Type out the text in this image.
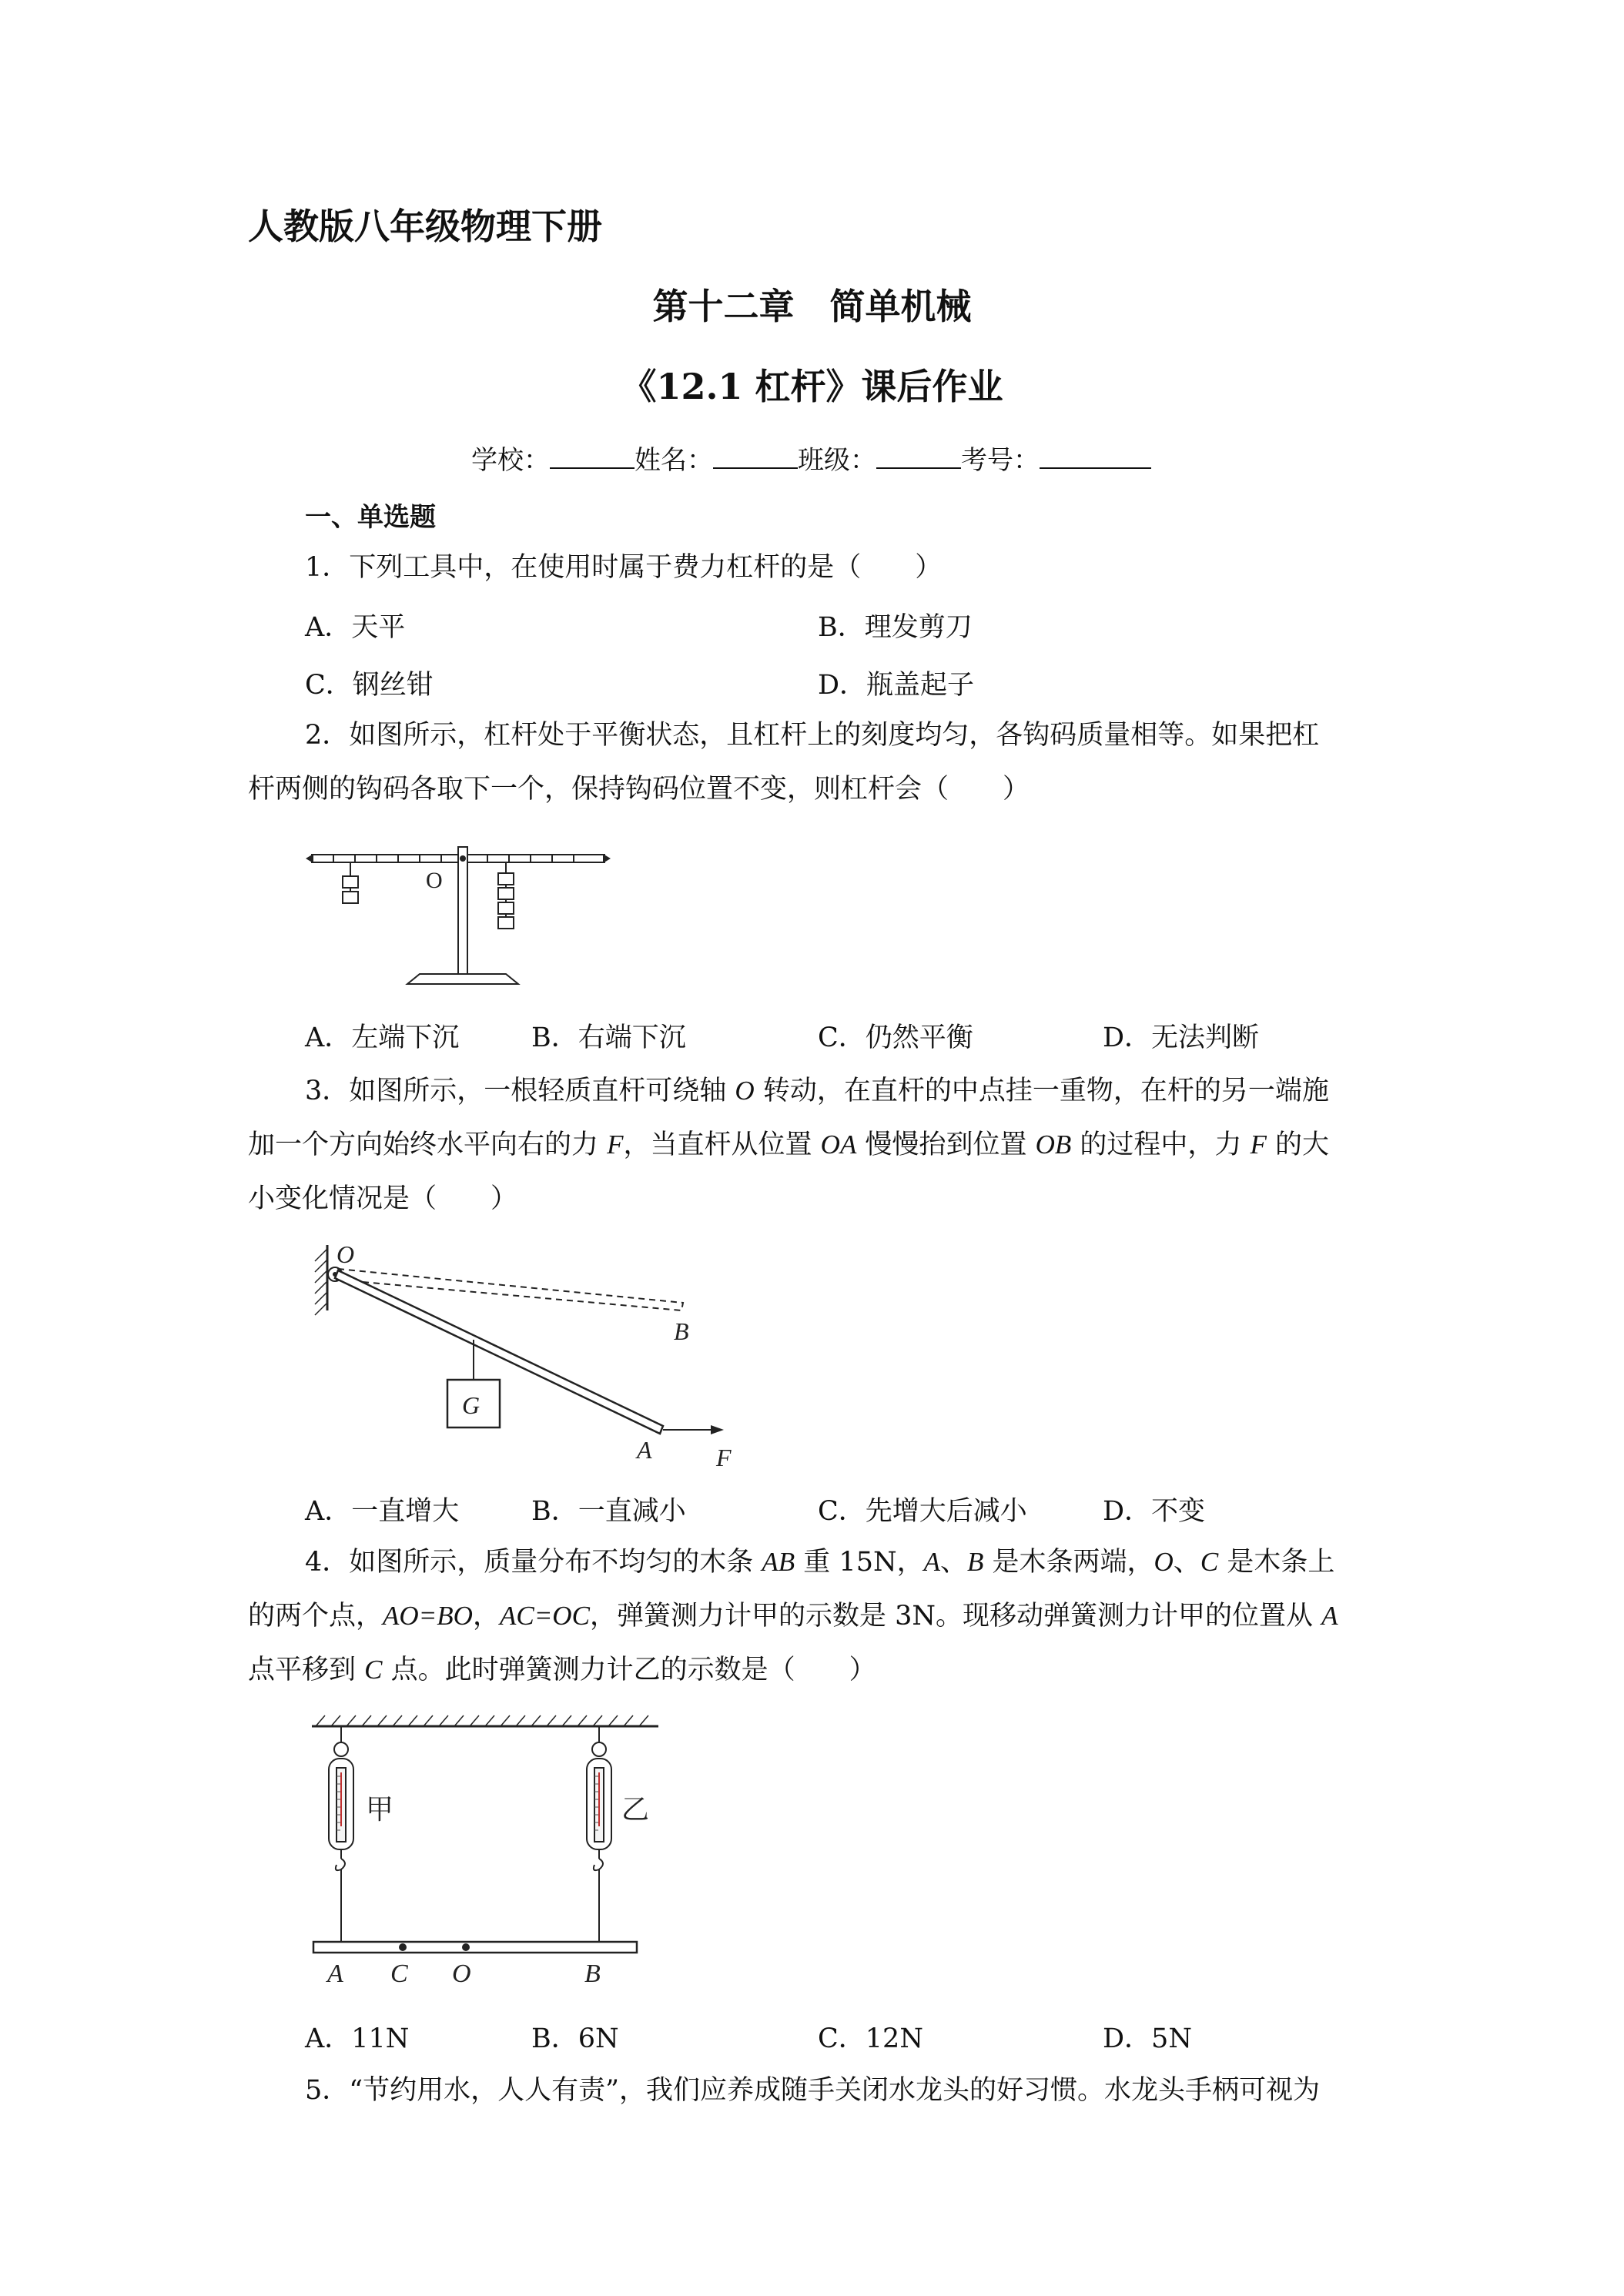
人教版八年级物理下册
第十二章　简单机械
《12.1 杠杆》课后作业
学校：	姓名：	班级：	考号：
一、单选题
1．下列工具中，在使用时属于费力杠杆的是（　　）
A．天平	B．理发剪刀
C．钢丝钳	D．瓶盖起子

2．如图所示，杠杆处于平衡状态，且杠杆上的刻度均匀，各钩码质量相等。如果把杠

杆两侧的钩码各取下一个，保持钩码位置不变，则杠杆会（　　）

O
A．左端下沉	B．右端下沉	C．仍然平衡	D．无法判断

3．如图所示，一根轻质直杆可绕轴 O 转动，在直杆的中点挂一重物，在杆的另一端施

加一个方向始终水平向右的力 F，当直杆从位置 OA 慢慢抬到位置 OB 的过程中，力 F 的大

小变化情况是（　　）

O
B
G
A	F
A．一直增大	B．一直减小	C．先增大后减小	D．不变

4．如图所示，质量分布不均匀的木条 AB 重 15N，A、B 是木条两端，O、C 是木条上

的两个点，AO=BO，AC=OC，弹簧测力计甲的示数是 3N。现移动弹簧测力计甲的位置从 A

点平移到 C 点。此时弹簧测力计乙的示数是（　　）

甲	乙
A C O	B
A．11N	B．6N	C．12N	D．5N
5．“节约用水，人人有责”，我们应养成随手关闭水龙头的好习惯。水龙头手柄可视为
